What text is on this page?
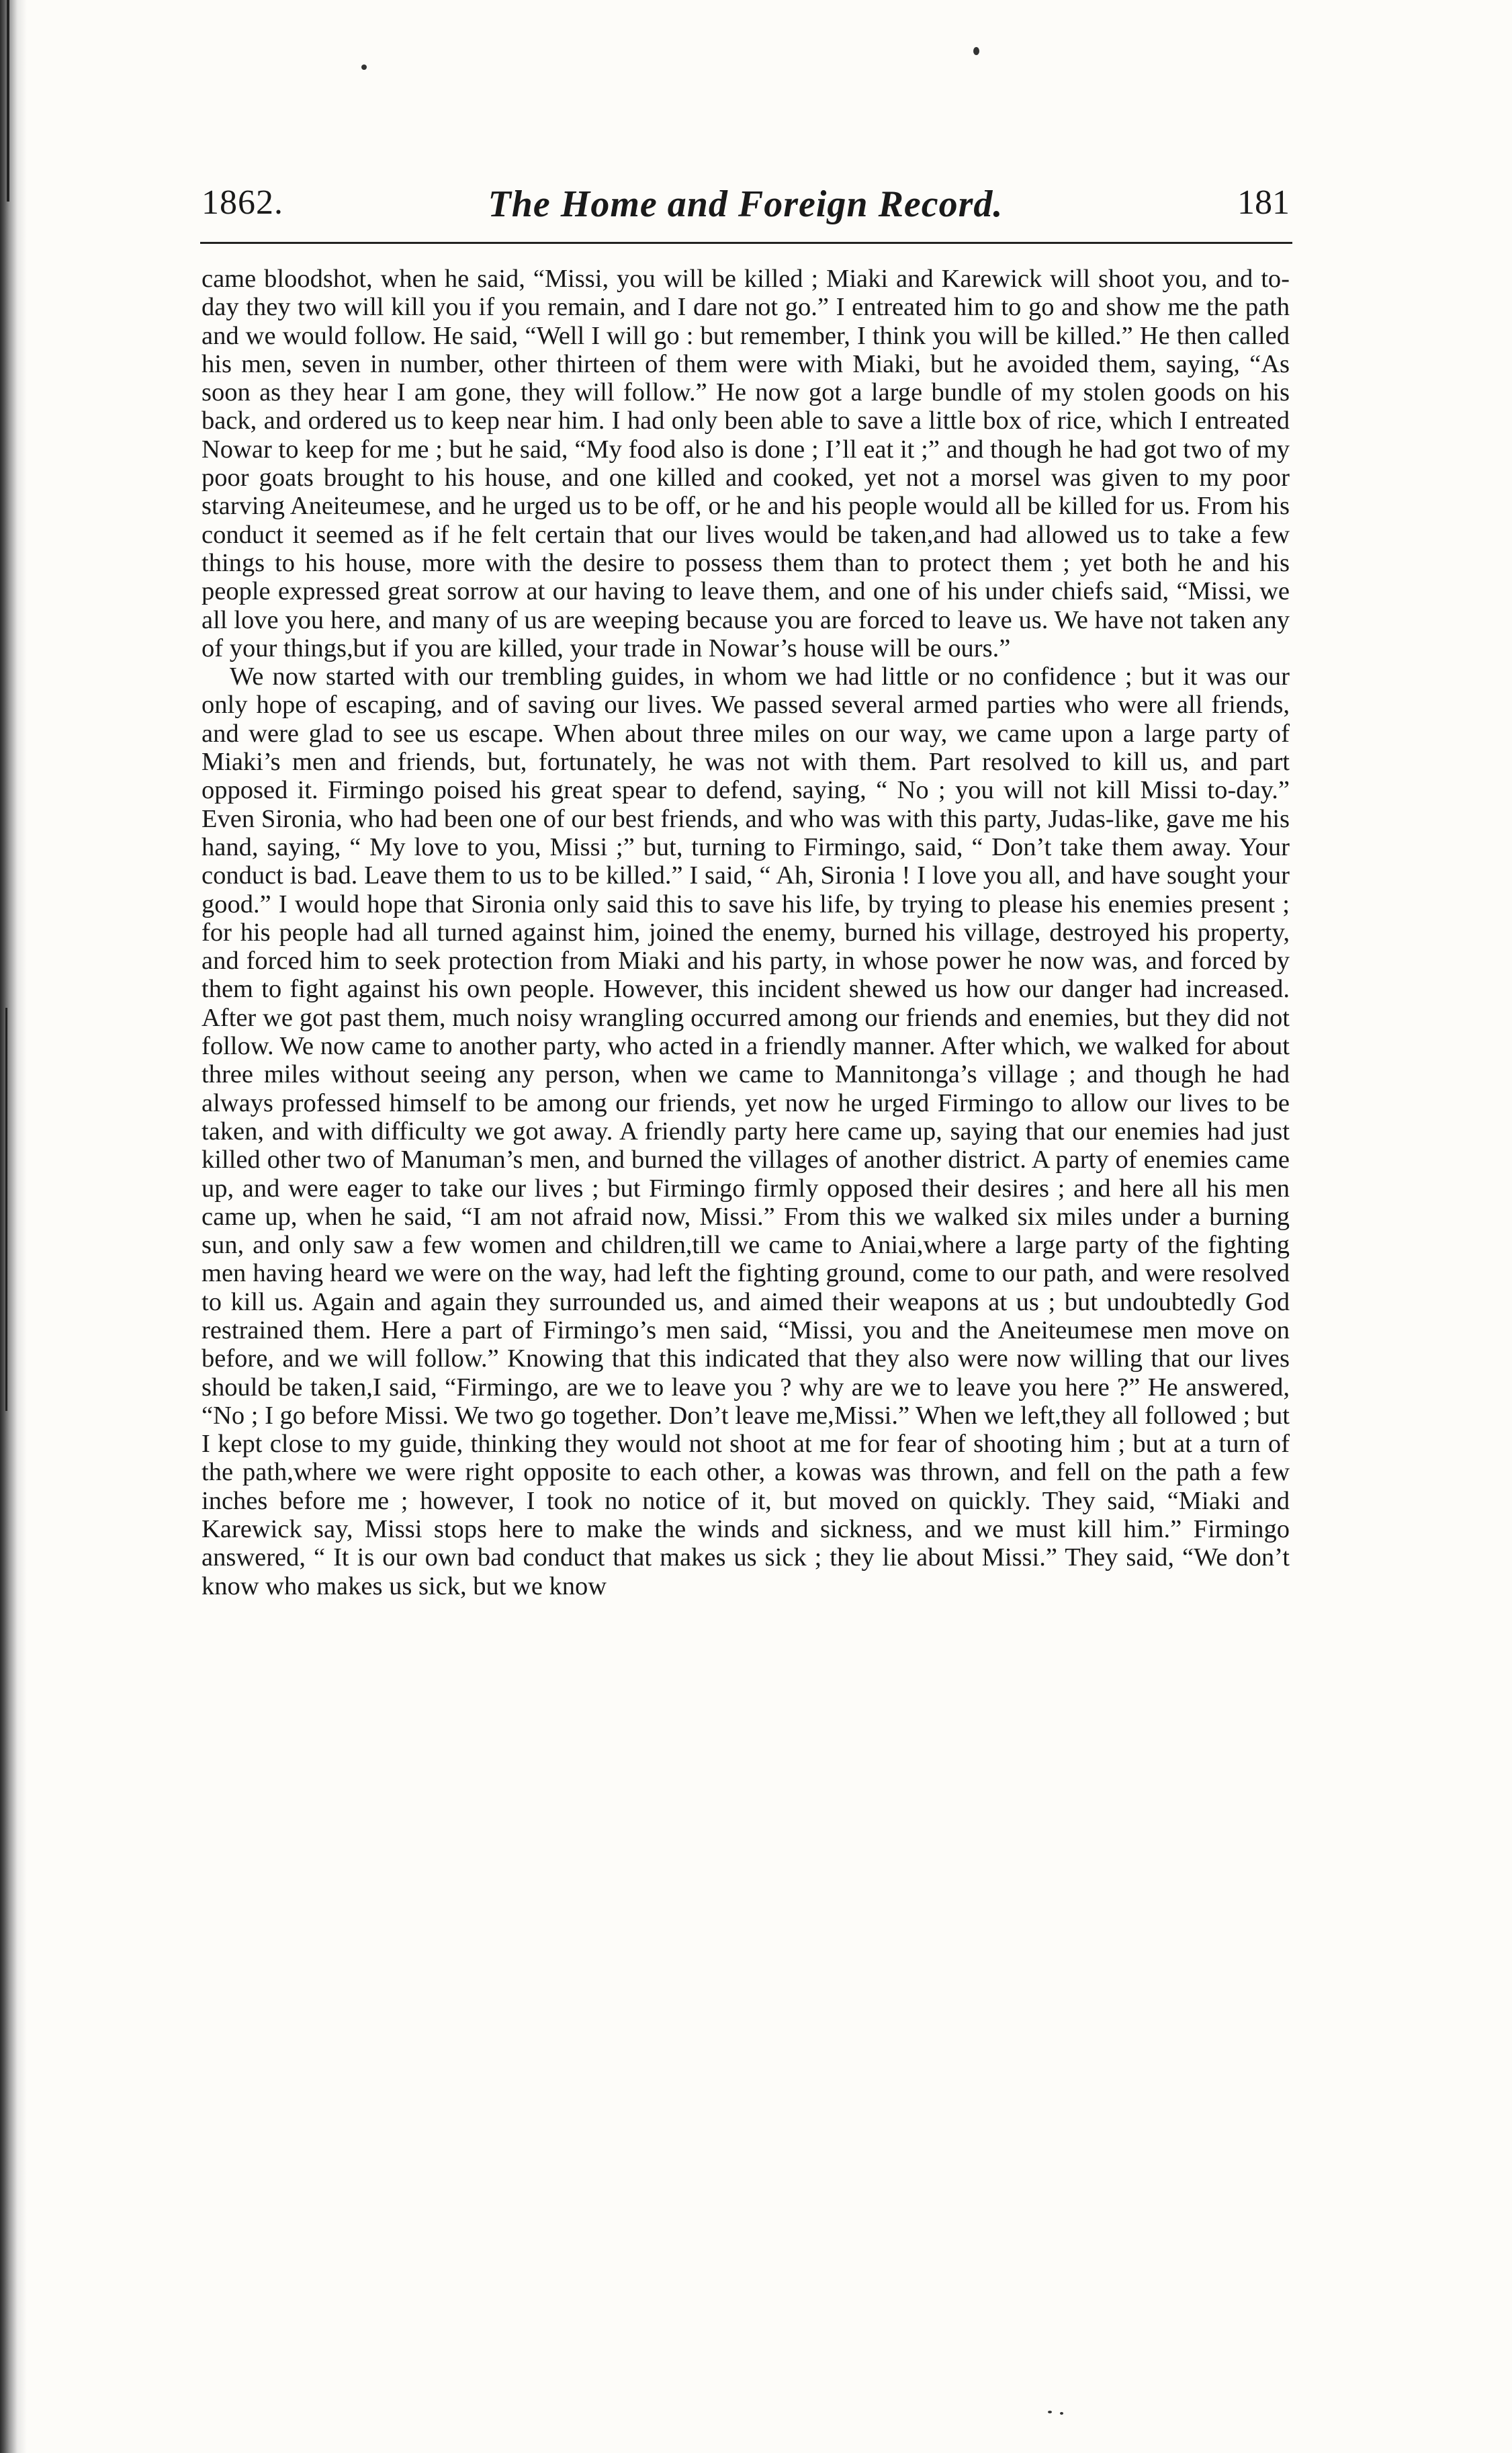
1862.	The Home and Foreign Record.	181

came bloodshot, when he said, “Missi, you will be killed ; Miaki and Karewick will shoot you, and to-day they two will kill you if you remain, and I dare not go.” I entreated him to go and show me the path and we would follow. He said, “Well I will go : but remember, I think you will be killed.” He then called his men, seven in number, other thirteen of them were with Miaki, but he avoided them, saying, “As soon as they hear I am gone, they will follow.” He now got a large bundle of my stolen goods on his back, and ordered us to keep near him. I had only been able to save a little box of rice, which I entreated Nowar to keep for me ; but he said, “My food also is done ; I’ll eat it ;” and though he had got two of my poor goats brought to his house, and one killed and cooked, yet not a morsel was given to my poor starving Aneiteumese, and he urged us to be off, or he and his people would all be killed for us. From his conduct it seemed as if he felt certain that our lives would be taken,and had allowed us to take a few things to his house, more with the desire to possess them than to protect them ; yet both he and his people expressed great sorrow at our having to leave them, and one of his under chiefs said, “Missi, we all love you here, and many of us are weeping because you are forced to leave us. We have not taken any of your things,but if you are killed, your trade in Nowar’s house will be ours.”

We now started with our trembling guides, in whom we had little or no confidence ; but it was our only hope of escaping, and of saving our lives. We passed several armed parties who were all friends, and were glad to see us escape. When about three miles on our way, we came upon a large party of Miaki’s men and friends, but, fortunately, he was not with them. Part resolved to kill us, and part opposed it. Firmingo poised his great spear to defend, saying, “ No ; you will not kill Missi to-day.” Even Sironia, who had been one of our best friends, and who was with this party, Judas-like, gave me his hand, saying, “ My love to you, Missi ;” but, turning to Firmingo, said, “ Don’t take them away. Your conduct is bad. Leave them to us to be killed.” I said, “ Ah, Sironia ! I love you all, and have sought your good.” I would hope that Sironia only said this to save his life, by trying to please his enemies present ; for his people had all turned against him, joined the enemy, burned his village, destroyed his property, and forced him to seek protection from Miaki and his party, in whose power he now was, and forced by them to fight against his own people. However, this incident shewed us how our danger had increased. After we got past them, much noisy wrangling occurred among our friends and enemies, but they did not follow. We now came to another party, who acted in a friendly manner. After which, we walked for about three miles without seeing any person, when we came to Mannitonga’s village ; and though he had always professed himself to be among our friends, yet now he urged Firmingo to allow our lives to be taken, and with difficulty we got away. A friendly party here came up, saying that our enemies had just killed other two of Manuman’s men, and burned the villages of another district. A party of enemies came up, and were eager to take our lives ; but Firmingo firmly opposed their desires ; and here all his men came up, when he said, “I am not afraid now, Missi.” From this we walked six miles under a burning sun, and only saw a few women and children,till we came to Aniai,where a large party of the fighting men having heard we were on the way, had left the fighting ground, come to our path, and were resolved to kill us. Again and again they surrounded us, and aimed their weapons at us ; but undoubtedly God restrained them. Here a part of Firmingo’s men said, “Missi, you and the Aneiteumese men move on before, and we will follow.” Knowing that this indicated that they also were now willing that our lives should be taken,I said, “Firmingo, are we to leave you ? why are we to leave you here ?” He answered, “No ; I go before Missi. We two go together. Don’t leave me,Missi.” When we left,they all followed ; but I kept close to my guide, thinking they would not shoot at me for fear of shooting him ; but at a turn of the path,where we were right opposite to each other, a kowas was thrown, and fell on the path a few inches before me ; however, I took no notice of it, but moved on quickly. They said, “Miaki and Karewick say, Missi stops here to make the winds and sickness, and we must kill him.” Firmingo answered, “ It is our own bad conduct that makes us sick ; they lie about Missi.” They said, “We don’t know who makes us sick, but we know
